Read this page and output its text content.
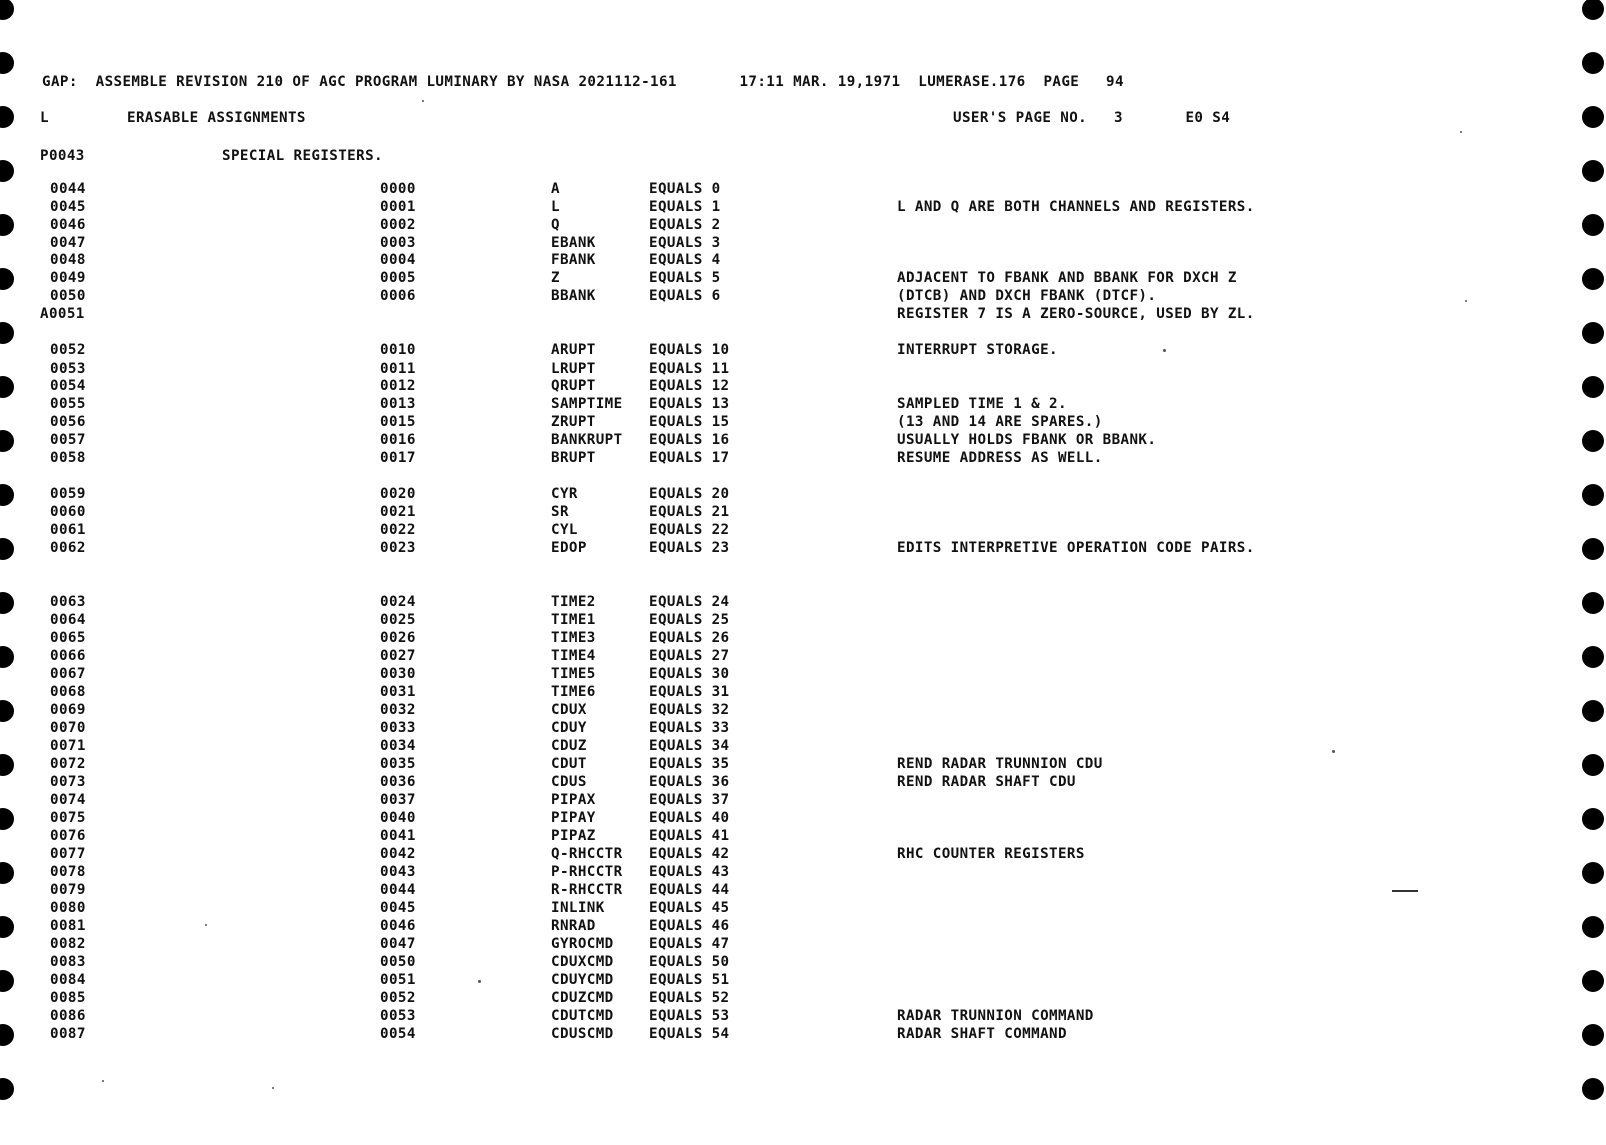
GAP:  ASSEMBLE REVISION 210 OF AGC PROGRAM LUMINARY BY NASA 2021112-161       17:11 MAR. 19,1971  LUMERASE.176  PAGE   94
L	ERASABLE ASSIGNMENTS	USER'S PAGE NO.   3       E0 S4
P0043	SPECIAL REGISTERS.
0044	0000	A	EQUALS 0
0045	0001	L	EQUALS 1	L AND Q ARE BOTH CHANNELS AND REGISTERS.
0046	0002	Q	EQUALS 2
0047	0003	EBANK	EQUALS 3
0048	0004	FBANK	EQUALS 4
0049	0005	Z	EQUALS 5	ADJACENT TO FBANK AND BBANK FOR DXCH Z
0050	0006	BBANK	EQUALS 6	(DTCB) AND DXCH FBANK (DTCF).
A0051	REGISTER 7 IS A ZERO-SOURCE, USED BY ZL.
0052	0010	ARUPT	EQUALS 10	INTERRUPT STORAGE.
0053	0011	LRUPT	EQUALS 11
0054	0012	QRUPT	EQUALS 12
0055	0013	SAMPTIME EQUALS 13	SAMPLED TIME 1 & 2.
0056	0015	ZRUPT	EQUALS 15	(13 AND 14 ARE SPARES.)
0057	0016	BANKRUPT EQUALS 16	USUALLY HOLDS FBANK OR BBANK.
0058	0017	BRUPT	EQUALS 17	RESUME ADDRESS AS WELL.
0059	0020	CYR	EQUALS 20
0060	0021	SR	EQUALS 21
0061	0022	CYL	EQUALS 22
0062	0023	EDOP	EQUALS 23	EDITS INTERPRETIVE OPERATION CODE PAIRS.
0063	0024	TIME2	EQUALS 24
0064	0025	TIME1	EQUALS 25
0065	0026	TIME3	EQUALS 26
0066	0027	TIME4	EQUALS 27
0067	0030	TIME5	EQUALS 30
0068	0031	TIME6	EQUALS 31
0069	0032	CDUX	EQUALS 32
0070	0033	CDUY	EQUALS 33
0071	0034	CDUZ	EQUALS 34
0072	0035	CDUT	EQUALS 35	REND RADAR TRUNNION CDU
0073	0036	CDUS	EQUALS 36	REND RADAR SHAFT CDU
0074	0037	PIPAX	EQUALS 37
0075	0040	PIPAY	EQUALS 40
0076	0041	PIPAZ	EQUALS 41
0077	0042	Q-RHCCTR EQUALS 42	RHC COUNTER REGISTERS
0078	0043	P-RHCCTR EQUALS 43
0079	0044	R-RHCCTR EQUALS 44
0080	0045	INLINK	EQUALS 45
0081	0046	RNRAD	EQUALS 46
0082	0047	GYROCMD EQUALS 47
0083	0050	CDUXCMD EQUALS 50
0084	0051	CDUYCMD EQUALS 51
0085	0052	CDUZCMD EQUALS 52
0086	0053	CDUTCMD EQUALS 53	RADAR TRUNNION COMMAND
0087	0054	CDUSCMD EQUALS 54	RADAR SHAFT COMMAND
